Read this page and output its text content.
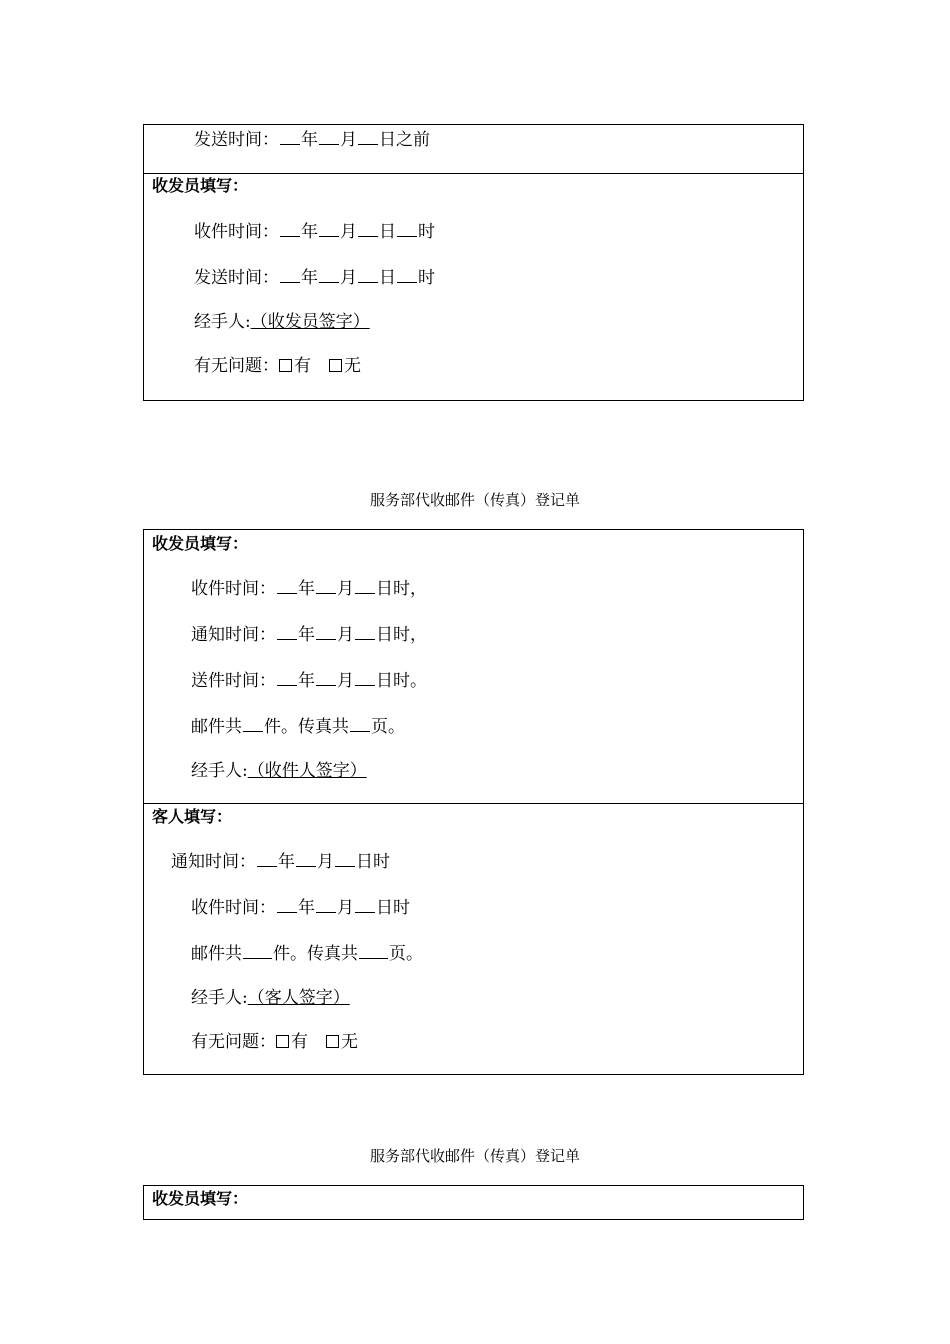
发送时间： 年 月 日之前
收发员填写：
收件时间： 年 月 日 时
发送时间： 年 月 日 时
经手人:（收发员签字）
有无问题： 有 无
服务部代收邮件（传真）登记单
收发员填写：
收件时间： 年 月 日时，
通知时间： 年 月 日时，
送件时间： 年 月 日时。
邮件共 件。传真共 页。
经手人:（收件人签字）
客人填写：
通知时间： 年 月 日时
收件时间： 年 月 日时
邮件共 件。传真共 页。
经手人:（客人签字）
有无问题： 有 无
服务部代收邮件（传真）登记单
收发员填写：
